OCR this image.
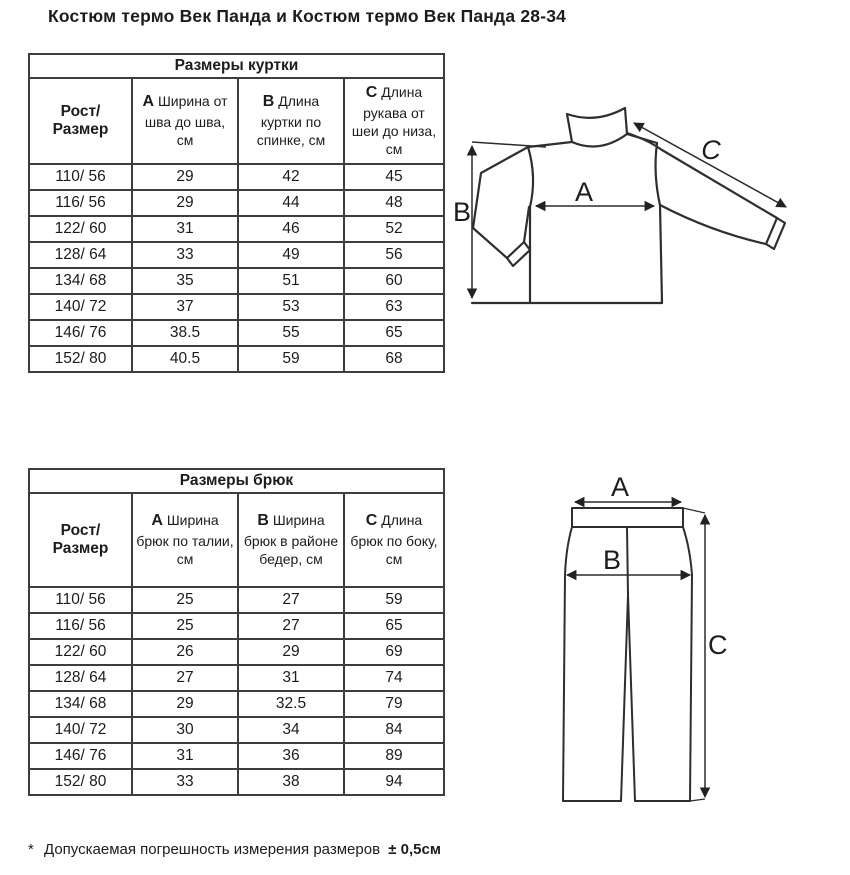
Костюм термо Век Панда и Костюм термо Век Панда 28-34
Размеры куртки			
Рост/Размер	A Ширина от шва до шва, см	B Длина куртки по спинке, см	C Длина рукава от шеи до низа, см
110/ 56	29	42	45
116/ 56	29	44	48
122/ 60	31	46	52
128/ 64	33	49	56
134/ 68	35	51	60
140/ 72	37	53	63
146/ 76	38.5	55	65
152/ 80	40.5	59	68
A
B
C
Размеры брюк			
Рост/Размер	A Ширина брюк по талии, см	B Ширина брюк в районе бедер, см	C Длина брюк по боку, см
110/ 56	25	27	59
116/ 56	25	27	65
122/ 60	26	29	69
128/ 64	27	31	74
134/ 68	29	32.5	79
140/ 72	30	34	84
146/ 76	31	36	89
152/ 80	33	38	94
A
B
C
* Допускаемая погрешность измерения размеров ± 0,5см
